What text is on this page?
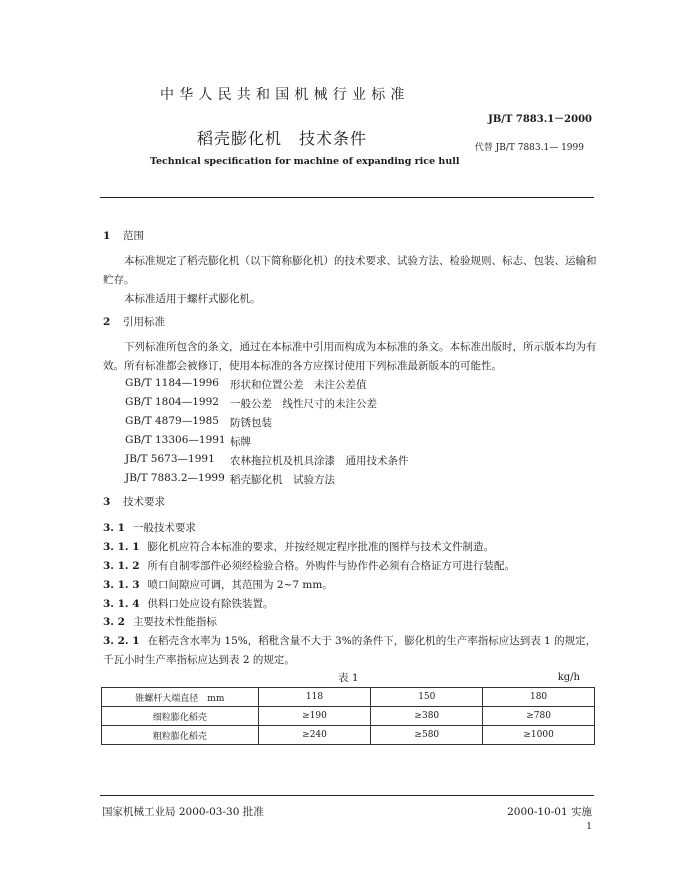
中华人民共和国机械行业标准
JB/T 7883.1－2000
稻壳膨化机　技术条件	代替 JB/T 7883.1— 1999
Technical specification for machine of expanding rice hull
1 范围
本标准规定了稻壳膨化机（以下简称膨化机）的技术要求、试验方法、检验规则、标志、包装、运输和贮存。
本标准适用于螺杆式膨化机。
2 引用标准
下列标准所包含的条文，通过在本标准中引用而构成为本标准的条文。本标准出版时，所示版本均为有效。所有标准都会被修订，使用本标准的各方应探讨使用下列标准最新版本的可能性。
GB/T 1184—1996 形状和位置公差　未注公差值
GB/T 1804—1992 一般公差　线性尺寸的未注公差
GB/T 4879—1985 防锈包装
GB/T 13306—1991 标牌
JB/T 5673—1991 农林拖拉机及机具涂漆　通用技术条件
JB/T 7883.2—1999 稻壳膨化机　试验方法
3 技术要求
3. 1 一般技术要求
3. 1. 1 膨化机应符合本标准的要求，并按经规定程序批准的图样与技术文件制造。
3. 1. 2 所有自制零部件必须经检验合格。外购件与协作件必须有合格证方可进行装配。
3. 1. 3 喷口间隙应可调，其范围为 2~7 mm。
3. 1. 4 供料口处应设有除铁装置。
3. 2 主要技术性能指标
3. 2. 1 在稻壳含水率为 15%，稻秕含量不大于 3%的条件下，膨化机的生产率指标应达到表 1 的规定，千瓦小时生产率指标应达到表 2 的规定。
表 1	kg/h
锥螺杆大端直径　mm	118	150	180
细粒膨化稻壳	≥190	≥380	≥780
粗粒膨化稻壳	≥240	≥580	≥1000
国家机械工业局 2000-03-30 批准	2000-10-01 实施
1
